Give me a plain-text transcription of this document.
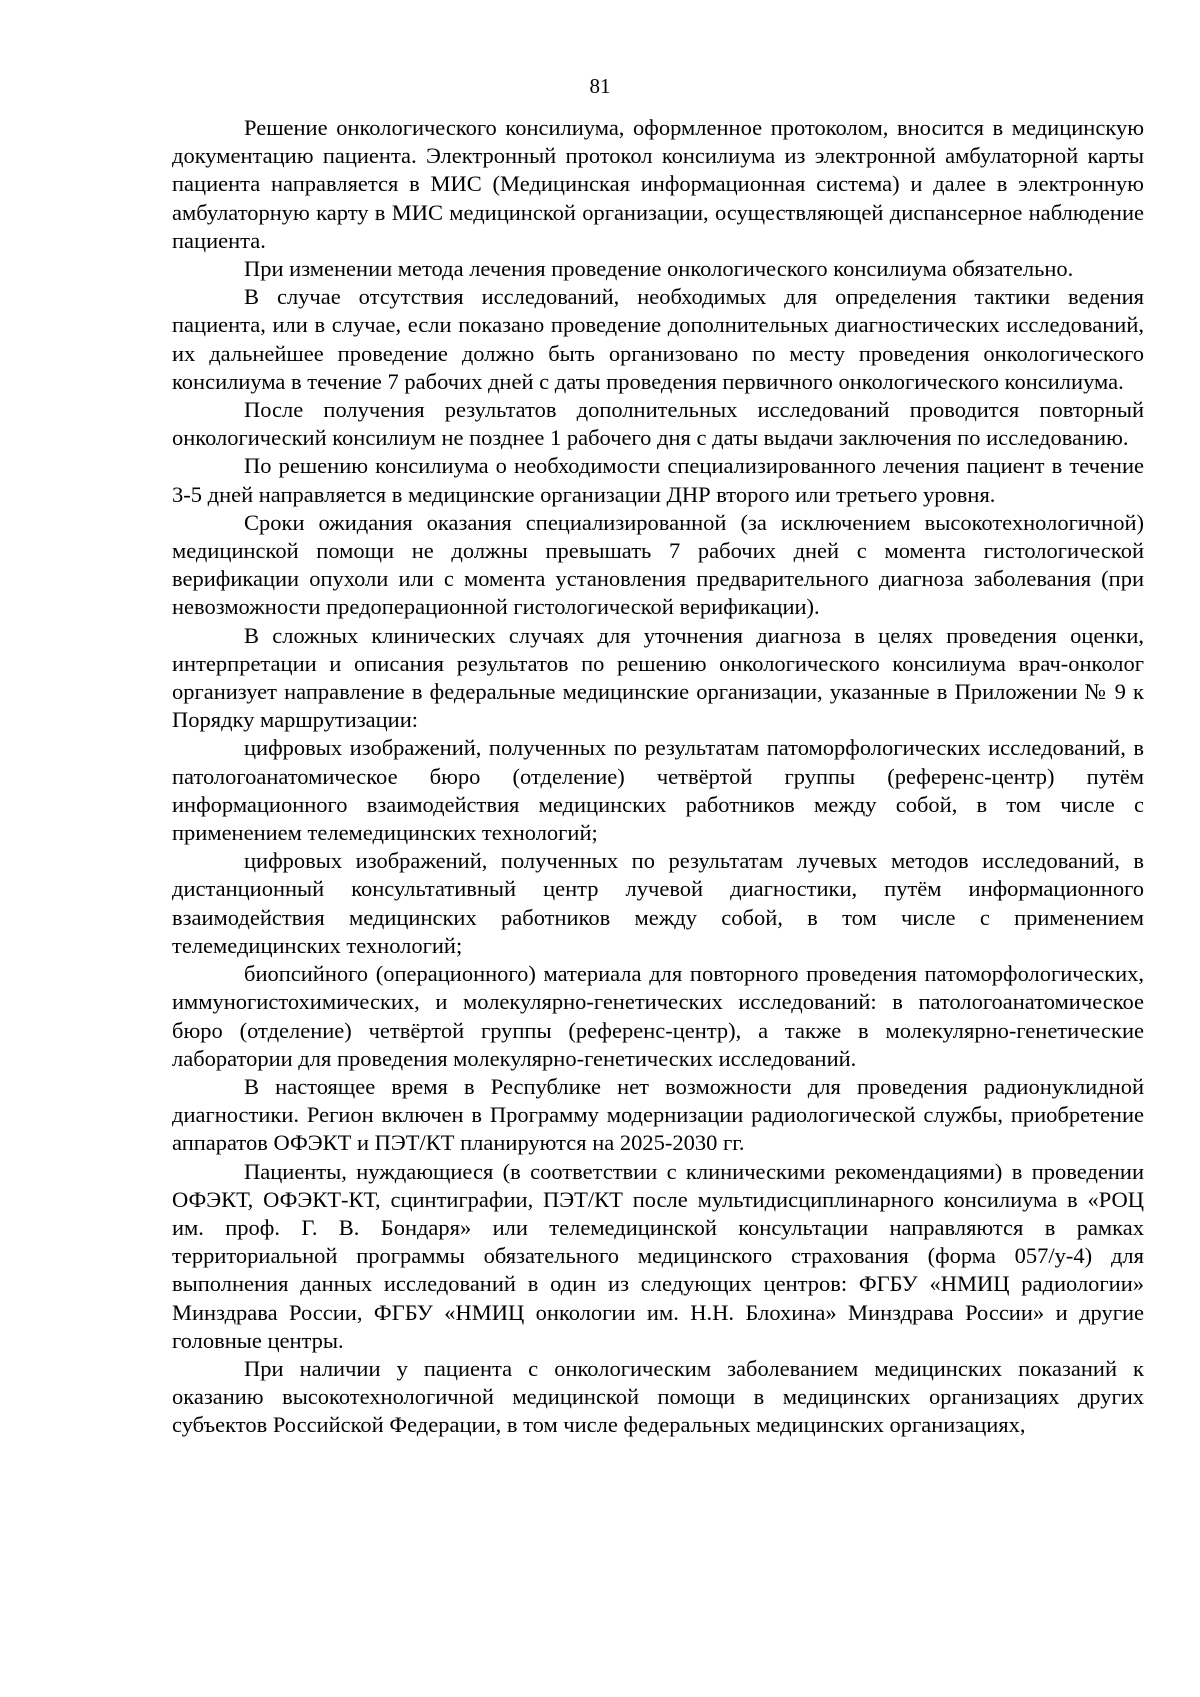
81

Решение онкологического консилиума, оформленное протоколом, вносится в медицинскую документацию пациента. Электронный протокол консилиума из электронной амбулаторной карты пациента направляется в МИС (Медицинская информационная система) и далее в электронную амбулаторную карту в МИС медицинской организации, осуществляющей диспансерное наблюдение пациента.

При изменении метода лечения проведение онкологического консилиума обязательно.

В случае отсутствия исследований, необходимых для определения тактики ведения пациента, или в случае, если показано проведение дополнительных диагностических исследований, их дальнейшее проведение должно быть организовано по месту проведения онкологического консилиума в течение 7 рабочих дней с даты проведения первичного онкологического консилиума.

После получения результатов дополнительных исследований проводится повторный онкологический консилиум не позднее 1 рабочего дня с даты выдачи заключения по исследованию.

По решению консилиума о необходимости специализированного лечения пациент в течение 3-5 дней направляется в медицинские организации ДНР второго или третьего уровня.

Сроки ожидания оказания специализированной (за исключением высокотехнологичной) медицинской помощи не должны превышать 7 рабочих дней с момента гистологической верификации опухоли или с момента установления предварительного диагноза заболевания (при невозможности предоперационной гистологической верификации).

В сложных клинических случаях для уточнения диагноза в целях проведения оценки, интерпретации и описания результатов по решению онкологического консилиума врач-онколог организует направление в федеральные медицинские организации, указанные в Приложении № 9 к Порядку маршрутизации:

цифровых изображений, полученных по результатам патоморфологических исследований, в патологоанатомическое бюро (отделение) четвёртой группы (референс-центр) путём информационного взаимодействия медицинских работников между собой, в том числе с применением телемедицинских технологий;

цифровых изображений, полученных по результатам лучевых методов исследований, в дистанционный консультативный центр лучевой диагностики, путём информационного взаимодействия медицинских работников между собой, в том числе с применением телемедицинских технологий;

биопсийного (операционного) материала для повторного проведения патоморфологических, иммуногистохимических, и молекулярно-генетических исследований: в патологоанатомическое бюро (отделение) четвёртой группы (референс-центр), а также в молекулярно-генетические лаборатории для проведения молекулярно-генетических исследований.

В настоящее время в Республике нет возможности для проведения радионуклидной диагностики. Регион включен в Программу модернизации радиологической службы, приобретение аппаратов ОФЭКТ и ПЭТ/КТ планируются на 2025-2030 гг.

Пациенты, нуждающиеся (в соответствии с клиническими рекомендациями) в проведении ОФЭКТ, ОФЭКТ-КТ, сцинтиграфии, ПЭТ/КТ после мультидисциплинарного консилиума в «РОЦ им. проф. Г. В. Бондаря» или телемедицинской консультации направляются в рамках территориальной программы обязательного медицинского страхования (форма 057/у-4) для выполнения данных исследований в один из следующих центров: ФГБУ «НМИЦ радиологии» Минздрава России, ФГБУ «НМИЦ онкологии им. Н.Н. Блохина» Минздрава России» и другие головные центры.

При наличии у пациента с онкологическим заболеванием медицинских показаний к оказанию высокотехнологичной медицинской помощи в медицинских организациях других субъектов Российской Федерации, в том числе федеральных медицинских организациях,
